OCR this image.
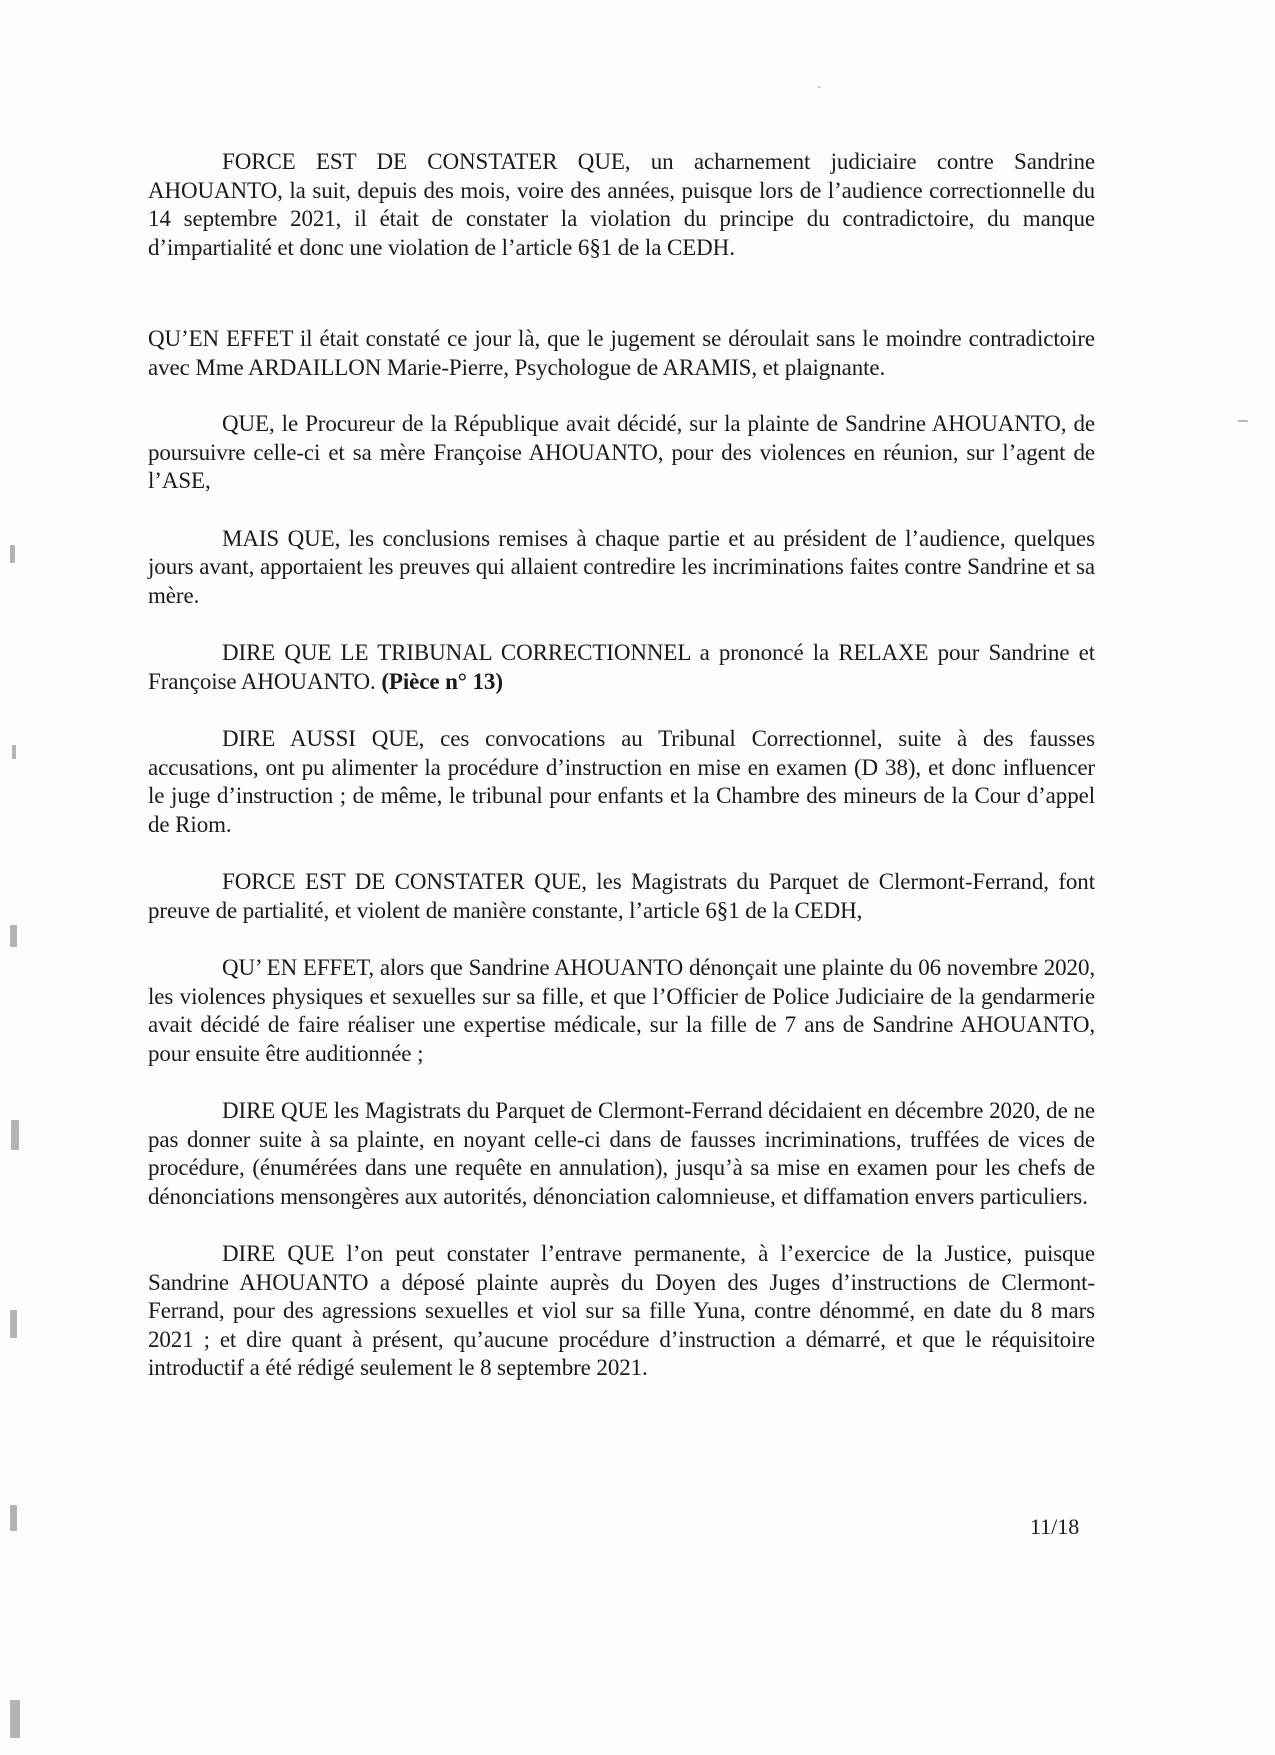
FORCE EST DE CONSTATER QUE, un acharnement judiciaire contre Sandrine AHOUANTO, la suit, depuis des mois, voire des années, puisque lors de l’audience correctionnelle du 14 septembre 2021, il était de constater la violation du principe du contradictoire, du manque d’impartialité et donc une violation de l’article 6§1 de la CEDH.

QU’EN EFFET il était constaté ce jour là, que le jugement se déroulait sans le moindre contradictoire avec Mme ARDAILLON Marie-Pierre, Psychologue de ARAMIS, et plaignante.

QUE, le Procureur de la République avait décidé, sur la plainte de Sandrine AHOUANTO, de poursuivre celle-ci et sa mère Françoise AHOUANTO, pour des violences en réunion, sur l’agent de l’ASE,

MAIS QUE, les conclusions remises à chaque partie et au président de l’audience, quelques jours avant, apportaient les preuves qui allaient contredire les incriminations faites contre Sandrine et sa mère.

DIRE QUE LE TRIBUNAL CORRECTIONNEL a prononcé la RELAXE pour Sandrine et Françoise AHOUANTO. (Pièce n° 13)

DIRE AUSSI QUE, ces convocations au Tribunal Correctionnel, suite à des fausses accusations, ont pu alimenter la procédure d’instruction en mise en examen (D 38), et donc influencer le juge d’instruction ; de même, le tribunal pour enfants et la Chambre des mineurs de la Cour d’appel de Riom.

FORCE EST DE CONSTATER QUE, les Magistrats du Parquet de Clermont-Ferrand, font preuve de partialité, et violent de manière constante, l’article 6§1 de la CEDH,

QU’ EN EFFET, alors que Sandrine AHOUANTO dénonçait une plainte du 06 novembre 2020, les violences physiques et sexuelles sur sa fille, et que l’Officier de Police Judiciaire de la gendarmerie avait décidé de faire réaliser une expertise médicale, sur la fille de 7 ans de Sandrine AHOUANTO, pour ensuite être auditionnée ;

DIRE QUE les Magistrats du Parquet de Clermont-Ferrand décidaient en décembre 2020, de ne pas donner suite à sa plainte, en noyant celle-ci dans de fausses incriminations, truffées de vices de procédure, (énumérées dans une requête en annulation), jusqu’à sa mise en examen pour les chefs de dénonciations mensongères aux autorités, dénonciation calomnieuse, et diffamation envers particuliers.

DIRE QUE l’on peut constater l’entrave permanente, à l’exercice de la Justice, puisque Sandrine AHOUANTO a déposé plainte auprès du Doyen des Juges d’instructions de Clermont-Ferrand, pour des agressions sexuelles et viol sur sa fille Yuna, contre dénommé, en date du 8 mars 2021 ; et dire quant à présent, qu’aucune procédure d’instruction a démarré, et que le réquisitoire introductif a été rédigé seulement le 8 septembre 2021.

11/18
